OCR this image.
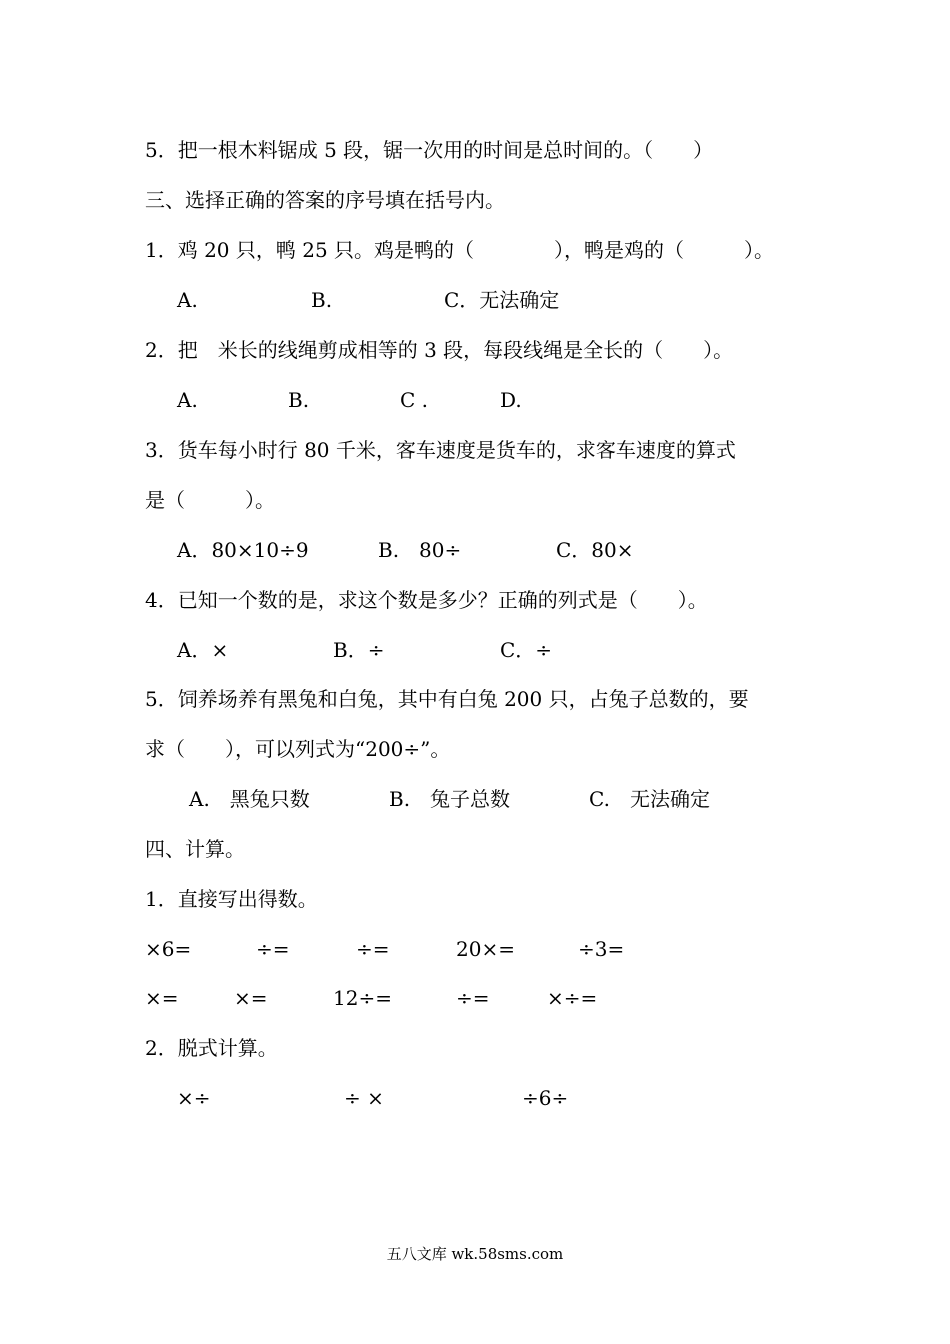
5．把一根木料锯成 5 段，锯一次用的时间是总时间的。（　　）
三、选择正确的答案的序号填在括号内。
1．鸡 20 只，鸭 25 只。鸡是鸭的（　　　　），鸭是鸡的（　　　）。
A.	B.	C．无法确定
2．把　米长的线绳剪成相等的 3 段，每段线绳是全长的（　　）。
A.	B.	C .	D.
3．货车每小时行 80 千米，客车速度是货车的，求客车速度的算式
是（　　　）。
A．80×10÷9	B.　80÷	C．80×
4．已知一个数的是，求这个数是多少？正确的列式是（　　）。
A．×	B．÷	C．÷
5．饲养场养有黑兔和白兔，其中有白兔 200 只，占兔子总数的，要
求（　　），可以列式为“200÷”。
A.　黑兔只数	B.　兔子总数	C.　无法确定
四、计算。
1．直接写出得数。
×6=	÷=	÷=	20×=	÷3=
×=	×=	12÷=	÷=	×÷=
2．脱式计算。
×÷	÷ ×	÷6÷
五八文库 wk.58sms.com
